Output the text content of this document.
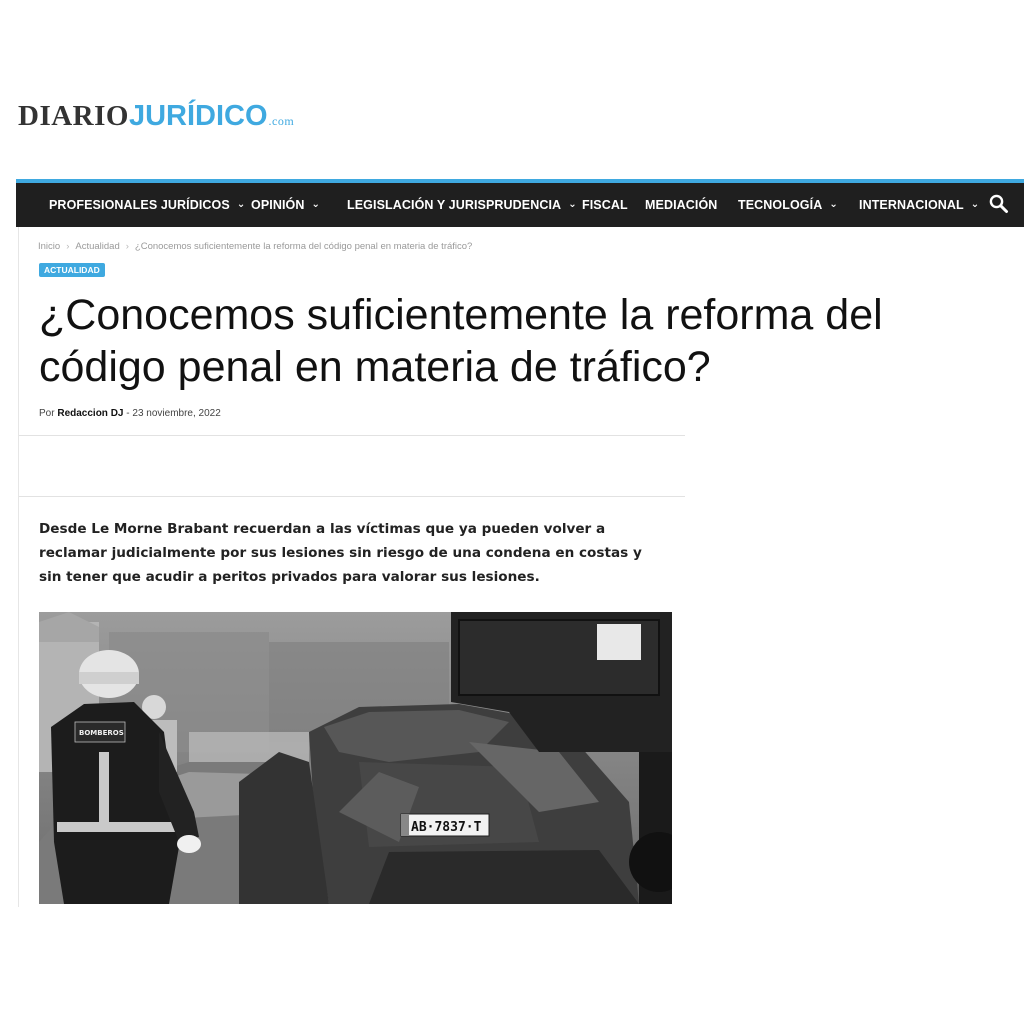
DIARIO JURÍDICO .com
PROFESIONALES JURÍDICOS ⌄ OPINIÓN ⌄ LEGISLACIÓN Y JURISPRUDENCIA ⌄ FISCAL MEDIACIÓN TECNOLOGÍA ⌄ INTERNACIONAL ⌄
Inicio › Actualidad › ¿Conocemos suficientemente la reforma del código penal en materia de tráfico?
ACTUALIDAD
¿Conocemos suficientemente la reforma del código penal en materia de tráfico?
Por Redaccion DJ - 23 noviembre, 2022

Desde Le Morne Brabant recuerdan a las víctimas que ya pueden volver a reclamar judicialmente por sus lesiones sin riesgo de una condena en costas y sin tener que acudir a peritos privados para valorar sus lesiones.

AB·7837·T
BOMBEROS
